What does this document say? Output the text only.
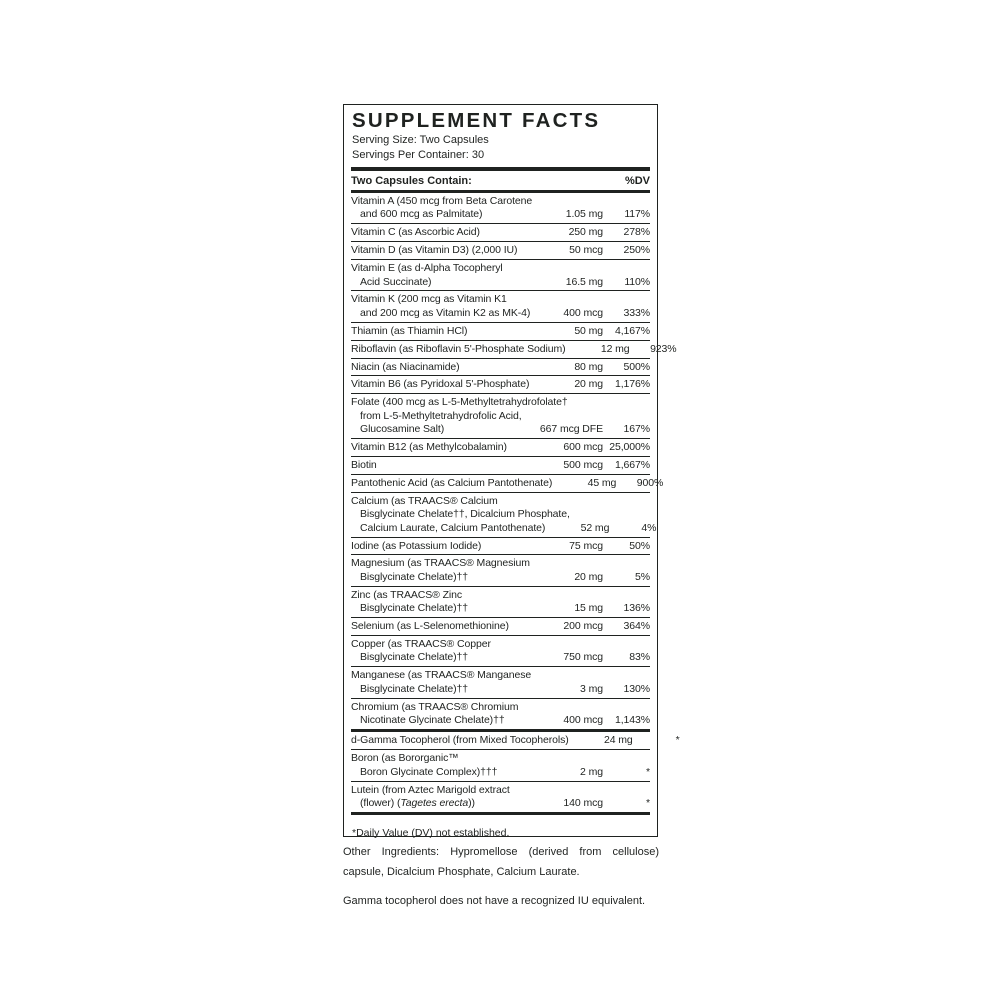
SUPPLEMENT FACTS
Serving Size: Two Capsules
Servings Per Container: 30
Two Capsules Contain:	%DV
Vitamin A (450 mcg from Beta Carotene
and 600 mcg as Palmitate)	1.05 mg	117%
Vitamin C (as Ascorbic Acid)	250 mg	278%
Vitamin D (as Vitamin D3) (2,000 IU)	50 mcg	250%
Vitamin E (as d-Alpha Tocopheryl
Acid Succinate)	16.5 mg	110%
Vitamin K (200 mcg as Vitamin K1
and 200 mcg as Vitamin K2 as MK-4)	400 mcg	333%
Thiamin (as Thiamin HCl)	50 mg	4,167%
Riboflavin (as Riboflavin 5'-Phosphate Sodium)	12 mg	923%
Niacin (as Niacinamide)	80 mg	500%
Vitamin B6 (as Pyridoxal 5'-Phosphate)	20 mg	1,176%
Folate (400 mcg as L-5-Methyltetrahydrofolate†
from L-5-Methyltetrahydrofolic Acid,
Glucosamine Salt)	667 mcg DFE	167%
Vitamin B12 (as Methylcobalamin)	600 mcg 25,000%
Biotin	500 mcg	1,667%
Pantothenic Acid (as Calcium Pantothenate)	45 mg	900%
Calcium (as TRAACS® Calcium
Bisglycinate Chelate††, Dicalcium Phosphate,
Calcium Laurate, Calcium Pantothenate)	52 mg	4%
Iodine (as Potassium Iodide)	75 mcg	50%
Magnesium (as TRAACS® Magnesium
Bisglycinate Chelate)††	20 mg	5%
Zinc (as TRAACS® Zinc
Bisglycinate Chelate)††	15 mg	136%
Selenium (as L-Selenomethionine)	200 mcg	364%
Copper (as TRAACS® Copper
Bisglycinate Chelate)††	750 mcg	83%
Manganese (as TRAACS® Manganese
Bisglycinate Chelate)††	3 mg	130%
Chromium (as TRAACS® Chromium
Nicotinate Glycinate Chelate)††	400 mcg	1,143%
d-Gamma Tocopherol (from Mixed Tocopherols)	24 mg	*
Boron (as Bororganic™
Boron Glycinate Complex)†††	2 mg	*
Lutein (from Aztec Marigold extract
(flower) (Tagetes erecta))	140 mcg	*
*Daily Value (DV) not established.

Other Ingredients: Hypromellose (derived from cellulose) capsule, Dicalcium Phosphate, Calcium Laurate.

Gamma tocopherol does not have a recognized IU equivalent.
